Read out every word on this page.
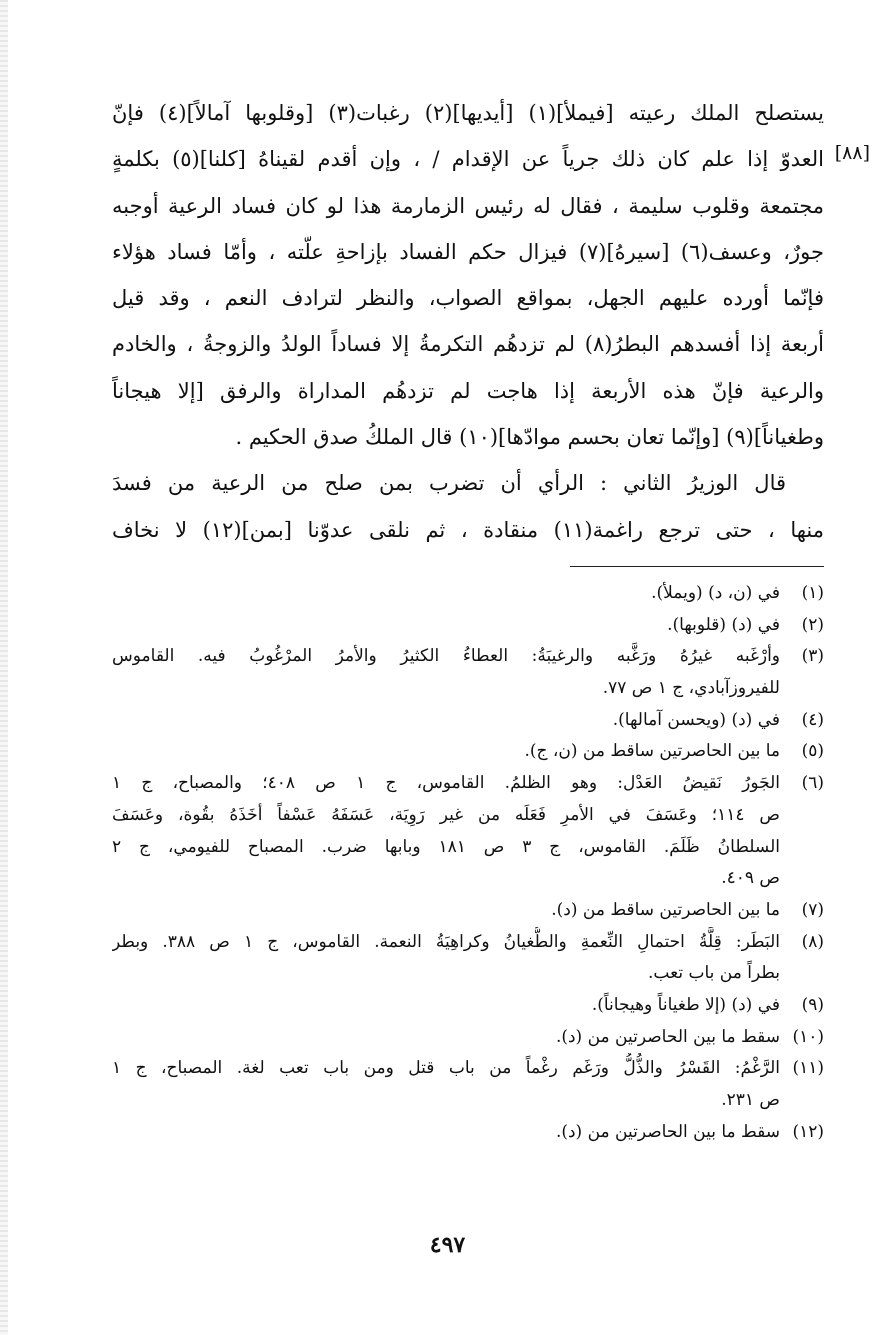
[٨٨]
يستصلح الملك رعيته [فيملأ](١) [أيديها](٢) رغبات(٣) [وقلوبها آمالاً](٤) فإنّ
العدوّ إذا علم كان ذلك جرياً عن الإقدام / ، وإن أقدم لقيناهُ [كلنا](٥) بكلمةٍ
مجتمعة وقلوب سليمة ، فقال له رئيس الزمارمة هذا لو كان فساد الرعية أوجبه
جورٌ، وعسف(٦) [سيرهُ](٧) فيزال حكم الفساد بإزاحةِ علّته ، وأمّا فساد هؤلاء
فإنّما أورده عليهم الجهل، بمواقع الصواب، والنظر لترادف النعم ، وقد قيل
أربعة إذا أفسدهم البطرُ(٨) لم تزدهُم التكرمةُ إلا فساداً الولدُ والزوجةُ ، والخادم
والرعية فإنّ هذه الأربعة إذا هاجت لم تزدهُم المداراة والرفق [إلا هيجاناً
وطغياناً](٩) [وإنّما تعان بحسم موادّها](١٠) قال الملكُ صدق الحكيم .
قال الوزيرُ الثاني : الرأي أن تضرب بمن صلح من الرعية من فسدَ
منها ، حتى ترجع راغمة(١١) منقادة ، ثم نلقى عدوّنا [بمن](١٢) لا نخاف
(١)
في (ن، د) (ويملأ).
(٢)
في (د) (قلوبها).
(٣)
وأرْغَبه غيرُهُ ورَغَّبه والرغيبَةُ: العطاءُ الكثيرُ والأمرُ المرْغُوبُ فيه. القاموس
للفيروزآبادي، ج ١ ص ٧٧.
(٤)
في (د) (ويحسن آمالها).
(٥)
ما بين الحاصرتين ساقط من (ن، ج).
(٦)
الجَورُ نَقيضُ العَدْل: وهو الظلمُ. القاموس، ج ١ ص ٤٠٨؛ والمصباح، ج ١
ص ١١٤؛ وعَسَفَ في الأمرِ فَعَلَه من غير رَوِيَة، عَسَفَهُ عَسْفاً أخَذَهُ بقُوة، وعَسَفَ
السلطانُ ظَلَمَ. القاموس، ج ٣ ص ١٨١ وبابها ضرب. المصباح للفيومي، ج ٢
ص ٤٠٩.
(٧)
ما بين الحاصرتين ساقط من (د).
(٨)
البَطَر: قِلَّةُ احتمالِ النِّعمةِ والطُّغيانُ وكراهِيَةُ النعمة. القاموس، ج ١ ص ٣٨٨. وبطر
بطراً من باب تعب.
(٩)
في (د) (إلا طغياناً وهيجاناً).
(١٠)
سقط ما بين الحاصرتين من (د).
(١١)
الرَّغْمُ: القَسْرُ والذُّلُّ ورَغَم رغْماً من باب قتل ومن باب تعب لغة. المصباح، ج ١
ص ٢٣١.
(١٢)
سقط ما بين الحاصرتين من (د).
٤٩٧
